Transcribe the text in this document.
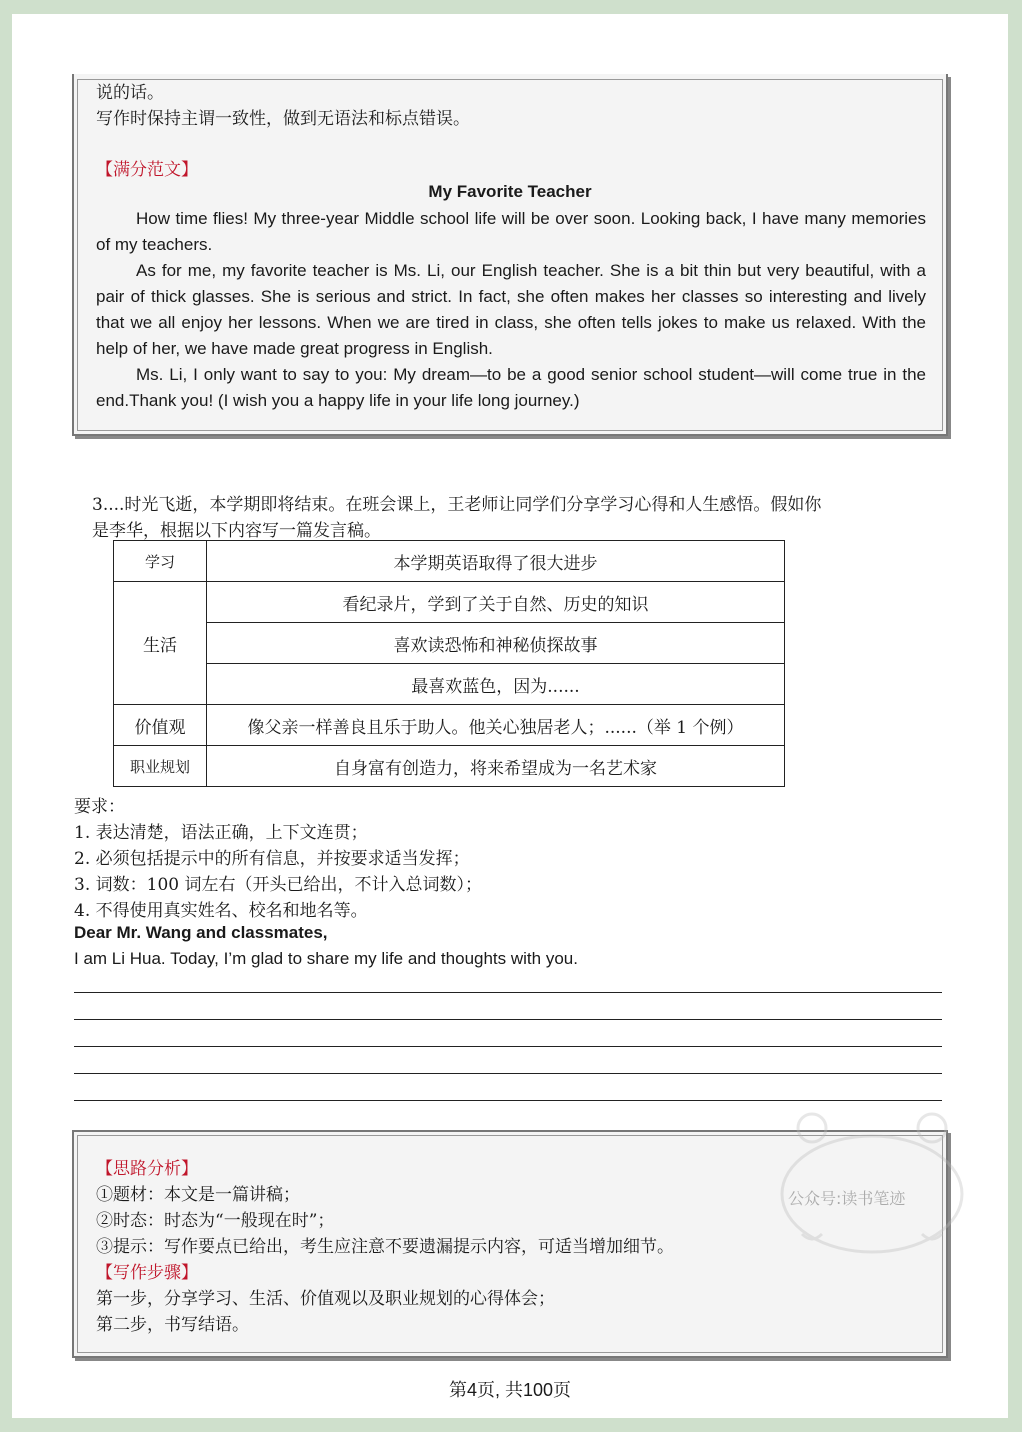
说的话。
写作时保持主谓一致性，做到无语法和标点错误。
【满分范文】
My Favorite Teacher
How time flies! My three-year Middle school life will be over soon. Looking back, I have many memories of my teachers.
As for me, my favorite teacher is Ms. Li, our English teacher. She is a bit thin but very beautiful, with a pair of thick glasses. She is serious and strict. In fact, she often makes her classes so interesting and lively that we all enjoy her lessons. When we are tired in class, she often tells jokes to make us relaxed. With the help of her, we have made great progress in English.
Ms. Li, I only want to say to you: My dream—to be a good senior school student—will come true in the end.Thank you! (I wish you a happy life in your life long journey.)
3....时光飞逝，本学期即将结束。在班会课上，王老师让同学们分享学习心得和人生感悟。假如你
是李华，根据以下内容写一篇发言稿。
学习	本学期英语取得了很大进步
生活	看纪录片，学到了关于自然、历史的知识
	喜欢读恐怖和神秘侦探故事
	最喜欢蓝色，因为......
价值观	像父亲一样善良且乐于助人。他关心独居老人；......（举 1 个例）
职业规划	自身富有创造力，将来希望成为一名艺术家
要求：
1. 表达清楚，语法正确，上下文连贯；
2. 必须包括提示中的所有信息，并按要求适当发挥；
3. 词数：100 词左右（开头已给出，不计入总词数）；
4. 不得使用真实姓名、校名和地名等。
Dear Mr. Wang and classmates,
I am Li Hua. Today, I’m glad to share my life and thoughts with you.
【思路分析】
①题材：本文是一篇讲稿；
②时态：时态为“一般现在时”；
③提示：写作要点已给出，考生应注意不要遗漏提示内容，可适当增加细节。
【写作步骤】
第一步，分享学习、生活、价值观以及职业规划的心得体会；
第二步，书写结语。
公众号:读书笔迹
第4页, 共100页
